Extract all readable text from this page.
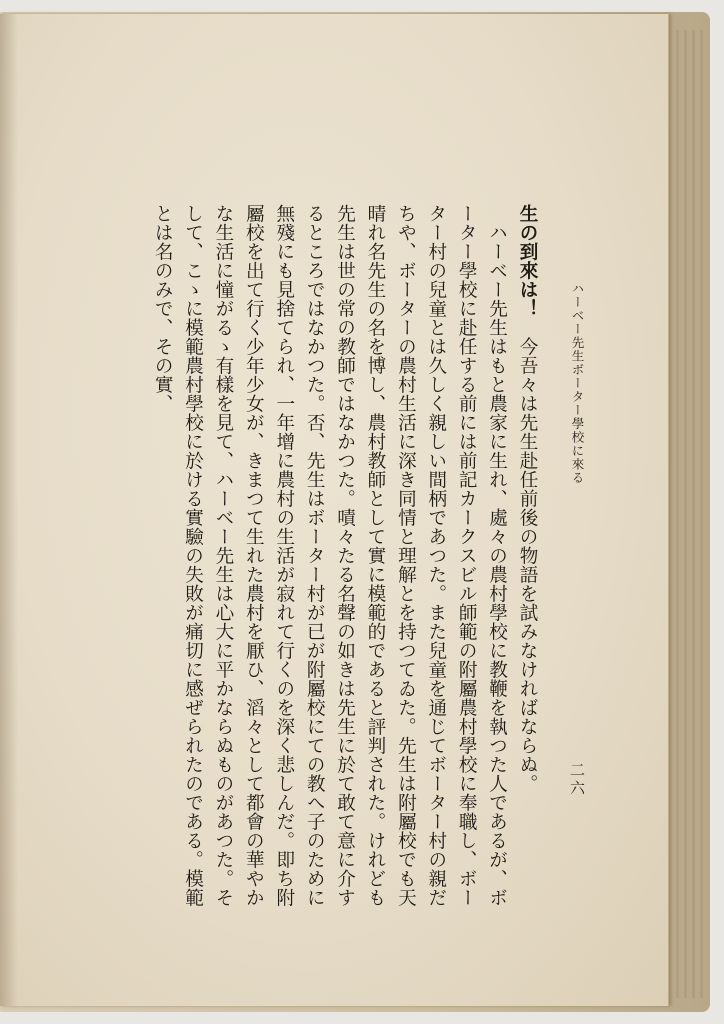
ハーベー先生ボーター學校に來る
二六

生の到來は！　今吾々は先生赴任前後の物語を試みなければならぬ。

ハーベー先生はもと農家に生れ、處々の農村學校に教鞭を執つた人であるが、ボーター學校に赴任する前には前記カークスビル師範の附屬農村學校に奉職し、ボーター村の兒童とは久しく親しい間柄であつた。また兒童を通じてボーター村の親だちや、ボーターの農村生活に深き同情と理解とを持つてゐた。先生は附屬校でも天晴れ名先生の名を博し、農村教師として實に模範的であると評判された。けれども先生は世の常の教師ではなかつた。嘖々たる名聲の如きは先生に於て敢て意に介するところではなかつた。否、先生はボーター村が已が附屬校にての教へ子のために無殘にも見捨てられ、一年增に農村の生活が寂れて行くのを深く悲しんだ。即ち附屬校を出て行く少年少女が、きまつて生れた農村を厭ひ、滔々として都會の華やかな生活に憧がるゝ有樣を見て、ハーベー先生は心大に平かならぬものがあつた。そして、こゝに模範農村學校に於ける實驗の失敗が痛切に感ぜられたのである。模範とは名のみで、その實、
